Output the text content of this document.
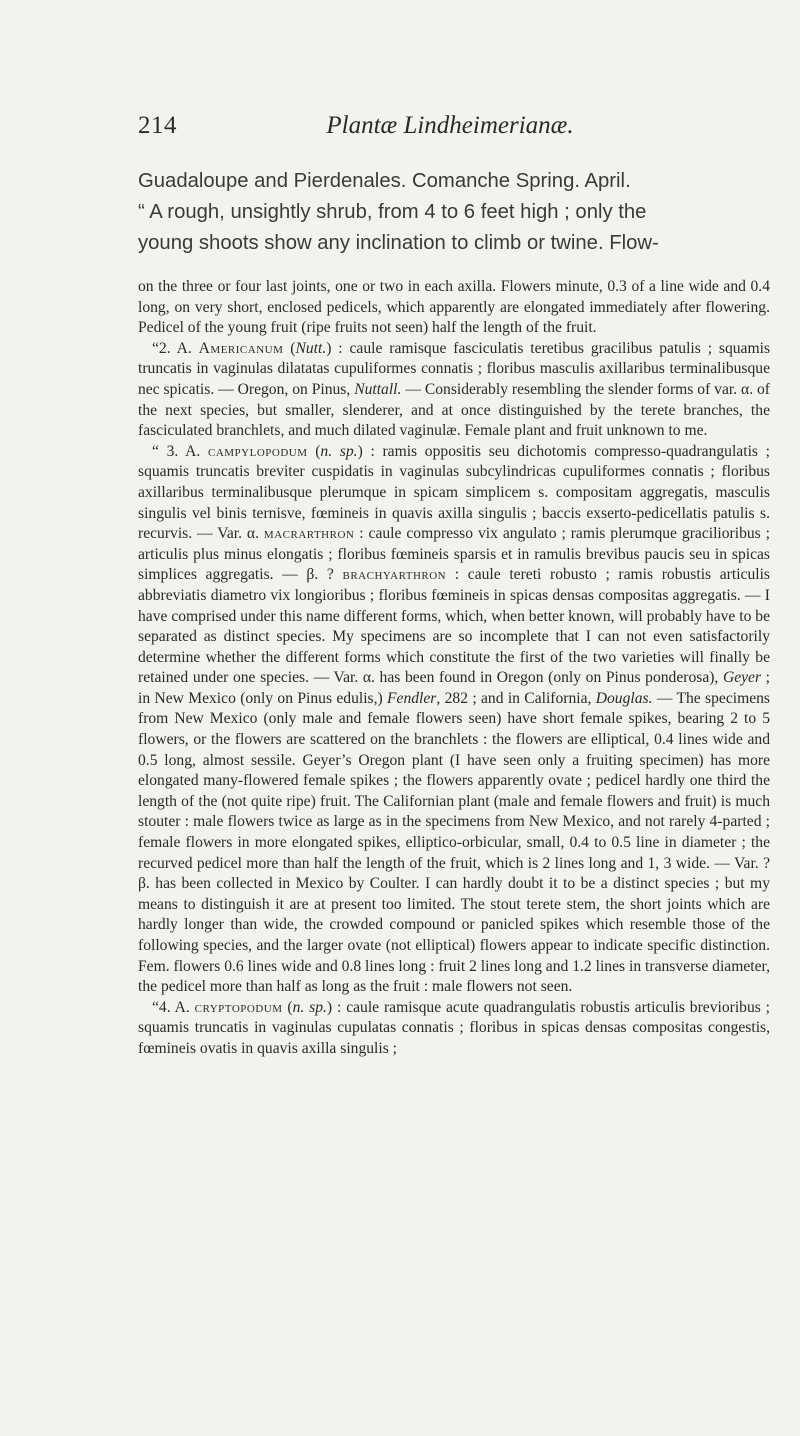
214	Plantæ Lindheimerianæ.

Guadaloupe and Pierdenales. Comanche Spring. April.

“ A rough, unsightly shrub, from 4 to 6 feet high ; only the

young shoots show any inclination to climb or twine. Flow-

on the three or four last joints, one or two in each axilla. Flowers minute, 0.3 of a line wide and 0.4 long, on very short, enclosed pedicels, which apparently are elongated immediately after flowering. Pedicel of the young fruit (ripe fruits not seen) half the length of the fruit.

“2. A. Americanum (Nutt.) : caule ramisque fasciculatis teretibus gracilibus patulis ; squamis truncatis in vaginulas dilatatas cupuliformes connatis ; floribus masculis axillaribus terminalibusque nec spicatis. — Oregon, on Pinus, Nuttall. — Considerably resembling the slender forms of var. α. of the next species, but smaller, slenderer, and at once distinguished by the terete branches, the fasciculated branchlets, and much dilated vaginulæ. Female plant and fruit unknown to me.

“ 3. A. campylopodum (n. sp.) : ramis oppositis seu dichotomis compresso-quadrangulatis ; squamis truncatis breviter cuspidatis in vaginulas subcylindricas cupuliformes connatis ; floribus axillaribus terminalibusque plerumque in spicam simplicem s. compositam aggregatis, masculis singulis vel binis ternisve, fœmineis in quavis axilla singulis ; baccis exserto-pedicellatis patulis s. recurvis. — Var. α. macrarthron : caule compresso vix angulato ; ramis plerumque gracilioribus ; articulis plus minus elongatis ; floribus fœmineis sparsis et in ramulis brevibus paucis seu in spicas simplices aggregatis. — β. ? brachyarthron : caule tereti robusto ; ramis robustis articulis abbreviatis diametro vix longioribus ; floribus fœmineis in spicas densas compositas aggregatis. — I have comprised under this name different forms, which, when better known, will probably have to be separated as distinct species. My specimens are so incomplete that I can not even satisfactorily determine whether the different forms which constitute the first of the two varieties will finally be retained under one species. — Var. α. has been found in Oregon (only on Pinus ponderosa), Geyer ; in New Mexico (only on Pinus edulis,) Fendler, 282 ; and in California, Douglas. — The specimens from New Mexico (only male and female flowers seen) have short female spikes, bearing 2 to 5 flowers, or the flowers are scattered on the branchlets : the flowers are elliptical, 0.4 lines wide and 0.5 long, almost sessile. Geyer’s Oregon plant (I have seen only a fruiting specimen) has more elongated many-flowered female spikes ; the flowers apparently ovate ; pedicel hardly one third the length of the (not quite ripe) fruit. The Californian plant (male and female flowers and fruit) is much stouter : male flowers twice as large as in the specimens from New Mexico, and not rarely 4-parted ; female flowers in more elongated spikes, elliptico-orbicular, small, 0.4 to 0.5 line in diameter ; the recurved pedicel more than half the length of the fruit, which is 2 lines long and 1, 3 wide. — Var. ? β. has been collected in Mexico by Coulter. I can hardly doubt it to be a distinct species ; but my means to distinguish it are at present too limited. The stout terete stem, the short joints which are hardly longer than wide, the crowded compound or panicled spikes which resemble those of the following species, and the larger ovate (not elliptical) flowers appear to indicate specific distinction. Fem. flowers 0.6 lines wide and 0.8 lines long : fruit 2 lines long and 1.2 lines in transverse diameter, the pedicel more than half as long as the fruit : male flowers not seen.

“4. A. cryptopodum (n. sp.) : caule ramisque acute quadrangulatis robustis articulis brevioribus ; squamis truncatis in vaginulas cupulatas connatis ; floribus in spicas densas compositas congestis, fœmineis ovatis in quavis axilla singulis ;
